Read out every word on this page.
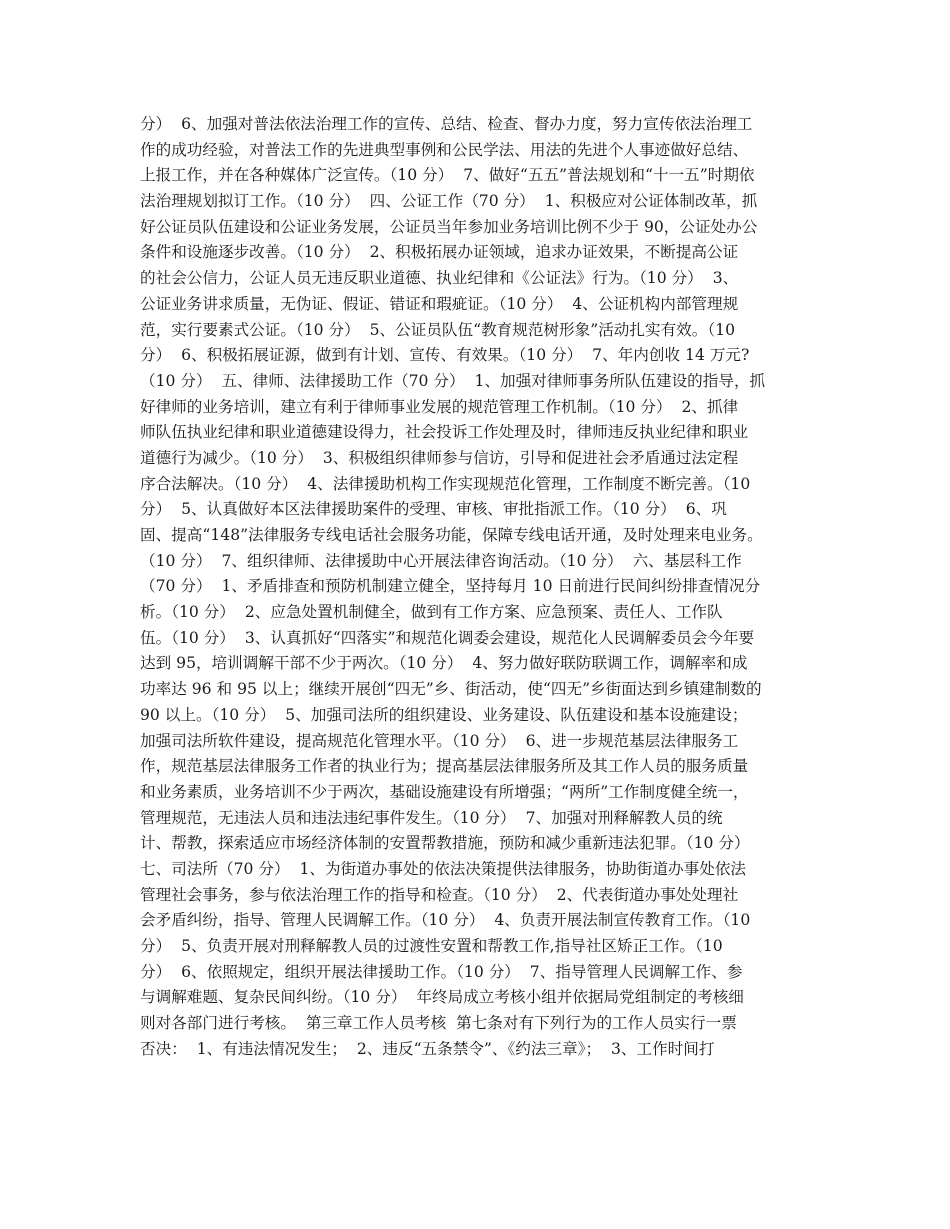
分）  6、加强对普法依法治理工作的宣传、总结、检查、督办力度，努力宣传依法治理工
作的成功经验，对普法工作的先进典型事例和公民学法、用法的先进个人事迹做好总结、
上报工作，并在各种媒体广泛宣传。（10 分）  7、做好“五五”普法规划和“十一五”时期依
法治理规划拟订工作。（10 分）  四、公证工作（70 分）  1、积极应对公证体制改革，抓
好公证员队伍建设和公证业务发展，公证员当年参加业务培训比例不少于 90，公证处办公
条件和设施逐步改善。（10 分）  2、积极拓展办证领域，追求办证效果，不断提高公证
的社会公信力，公证人员无违反职业道德、执业纪律和《公证法》行为。（10 分）  3、
公证业务讲求质量，无伪证、假证、错证和瑕疵证。（10 分）  4、公证机构内部管理规
范，实行要素式公证。（10 分）  5、公证员队伍“教育规范树形象”活动扎实有效。（10
分）  6、积极拓展证源，做到有计划、宣传、有效果。（10 分）  7、年内创收 14 万元?
（10 分）  五、律师、法律援助工作（70 分）  1、加强对律师事务所队伍建设的指导，抓
好律师的业务培训，建立有利于律师事业发展的规范管理工作机制。（10 分）  2、抓律
师队伍执业纪律和职业道德建设得力，社会投诉工作处理及时，律师违反执业纪律和职业
道德行为减少。（10 分）  3、积极组织律师参与信访，引导和促进社会矛盾通过法定程
序合法解决。（10 分）  4、法律援助机构工作实现规范化管理，工作制度不断完善。（10
分）  5、认真做好本区法律援助案件的受理、审核、审批指派工作。（10 分）  6、巩
固、提高“148”法律服务专线电话社会服务功能，保障专线电话开通，及时处理来电业务。
（10 分）  7、组织律师、法律援助中心开展法律咨询活动。（10 分）  六、基层科工作
（70 分）  1、矛盾排查和预防机制建立健全，坚持每月 10 日前进行民间纠纷排查情况分
析。（10 分）  2、应急处置机制健全，做到有工作方案、应急预案、责任人、工作队
伍。（10 分）  3、认真抓好“四落实”和规范化调委会建设，规范化人民调解委员会今年要
达到 95，培训调解干部不少于两次。（10 分）  4、努力做好联防联调工作，调解率和成
功率达 96 和 95 以上；继续开展创“四无”乡、街活动，使“四无”乡街面达到乡镇建制数的
90 以上。（10 分）  5、加强司法所的组织建设、业务建设、队伍建设和基本设施建设；
加强司法所软件建设，提高规范化管理水平。（10 分）  6、进一步规范基层法律服务工
作，规范基层法律服务工作者的执业行为；提高基层法律服务所及其工作人员的服务质量
和业务素质，业务培训不少于两次，基础设施建设有所增强；“两所”工作制度健全统一，
管理规范，无违法人员和违法违纪事件发生。（10 分）  7、加强对刑释解教人员的统
计、帮教，探索适应市场经济体制的安置帮教措施，预防和减少重新违法犯罪。（10 分）
七、司法所（70 分）  1、为街道办事处的依法决策提供法律服务，协助街道办事处依法
管理社会事务，参与依法治理工作的指导和检查。（10 分）  2、代表街道办事处处理社
会矛盾纠纷，指导、管理人民调解工作。（10 分）  4、负责开展法制宣传教育工作。（10
分）  5、负责开展对刑释解教人员的过渡性安置和帮教工作,指导社区矫正工作。（10
分）  6、依照规定，组织开展法律援助工作。（10 分）  7、指导管理人民调解工作、参
与调解难题、复杂民间纠纷。（10 分）  年终局成立考核小组并依据局党组制定的考核细
则对各部门进行考核。  第三章工作人员考核  第七条对有下列行为的工作人员实行一票
否决：  1、有违法情况发生；  2、违反“五条禁令”、《约法三章》；  3、工作时间打
